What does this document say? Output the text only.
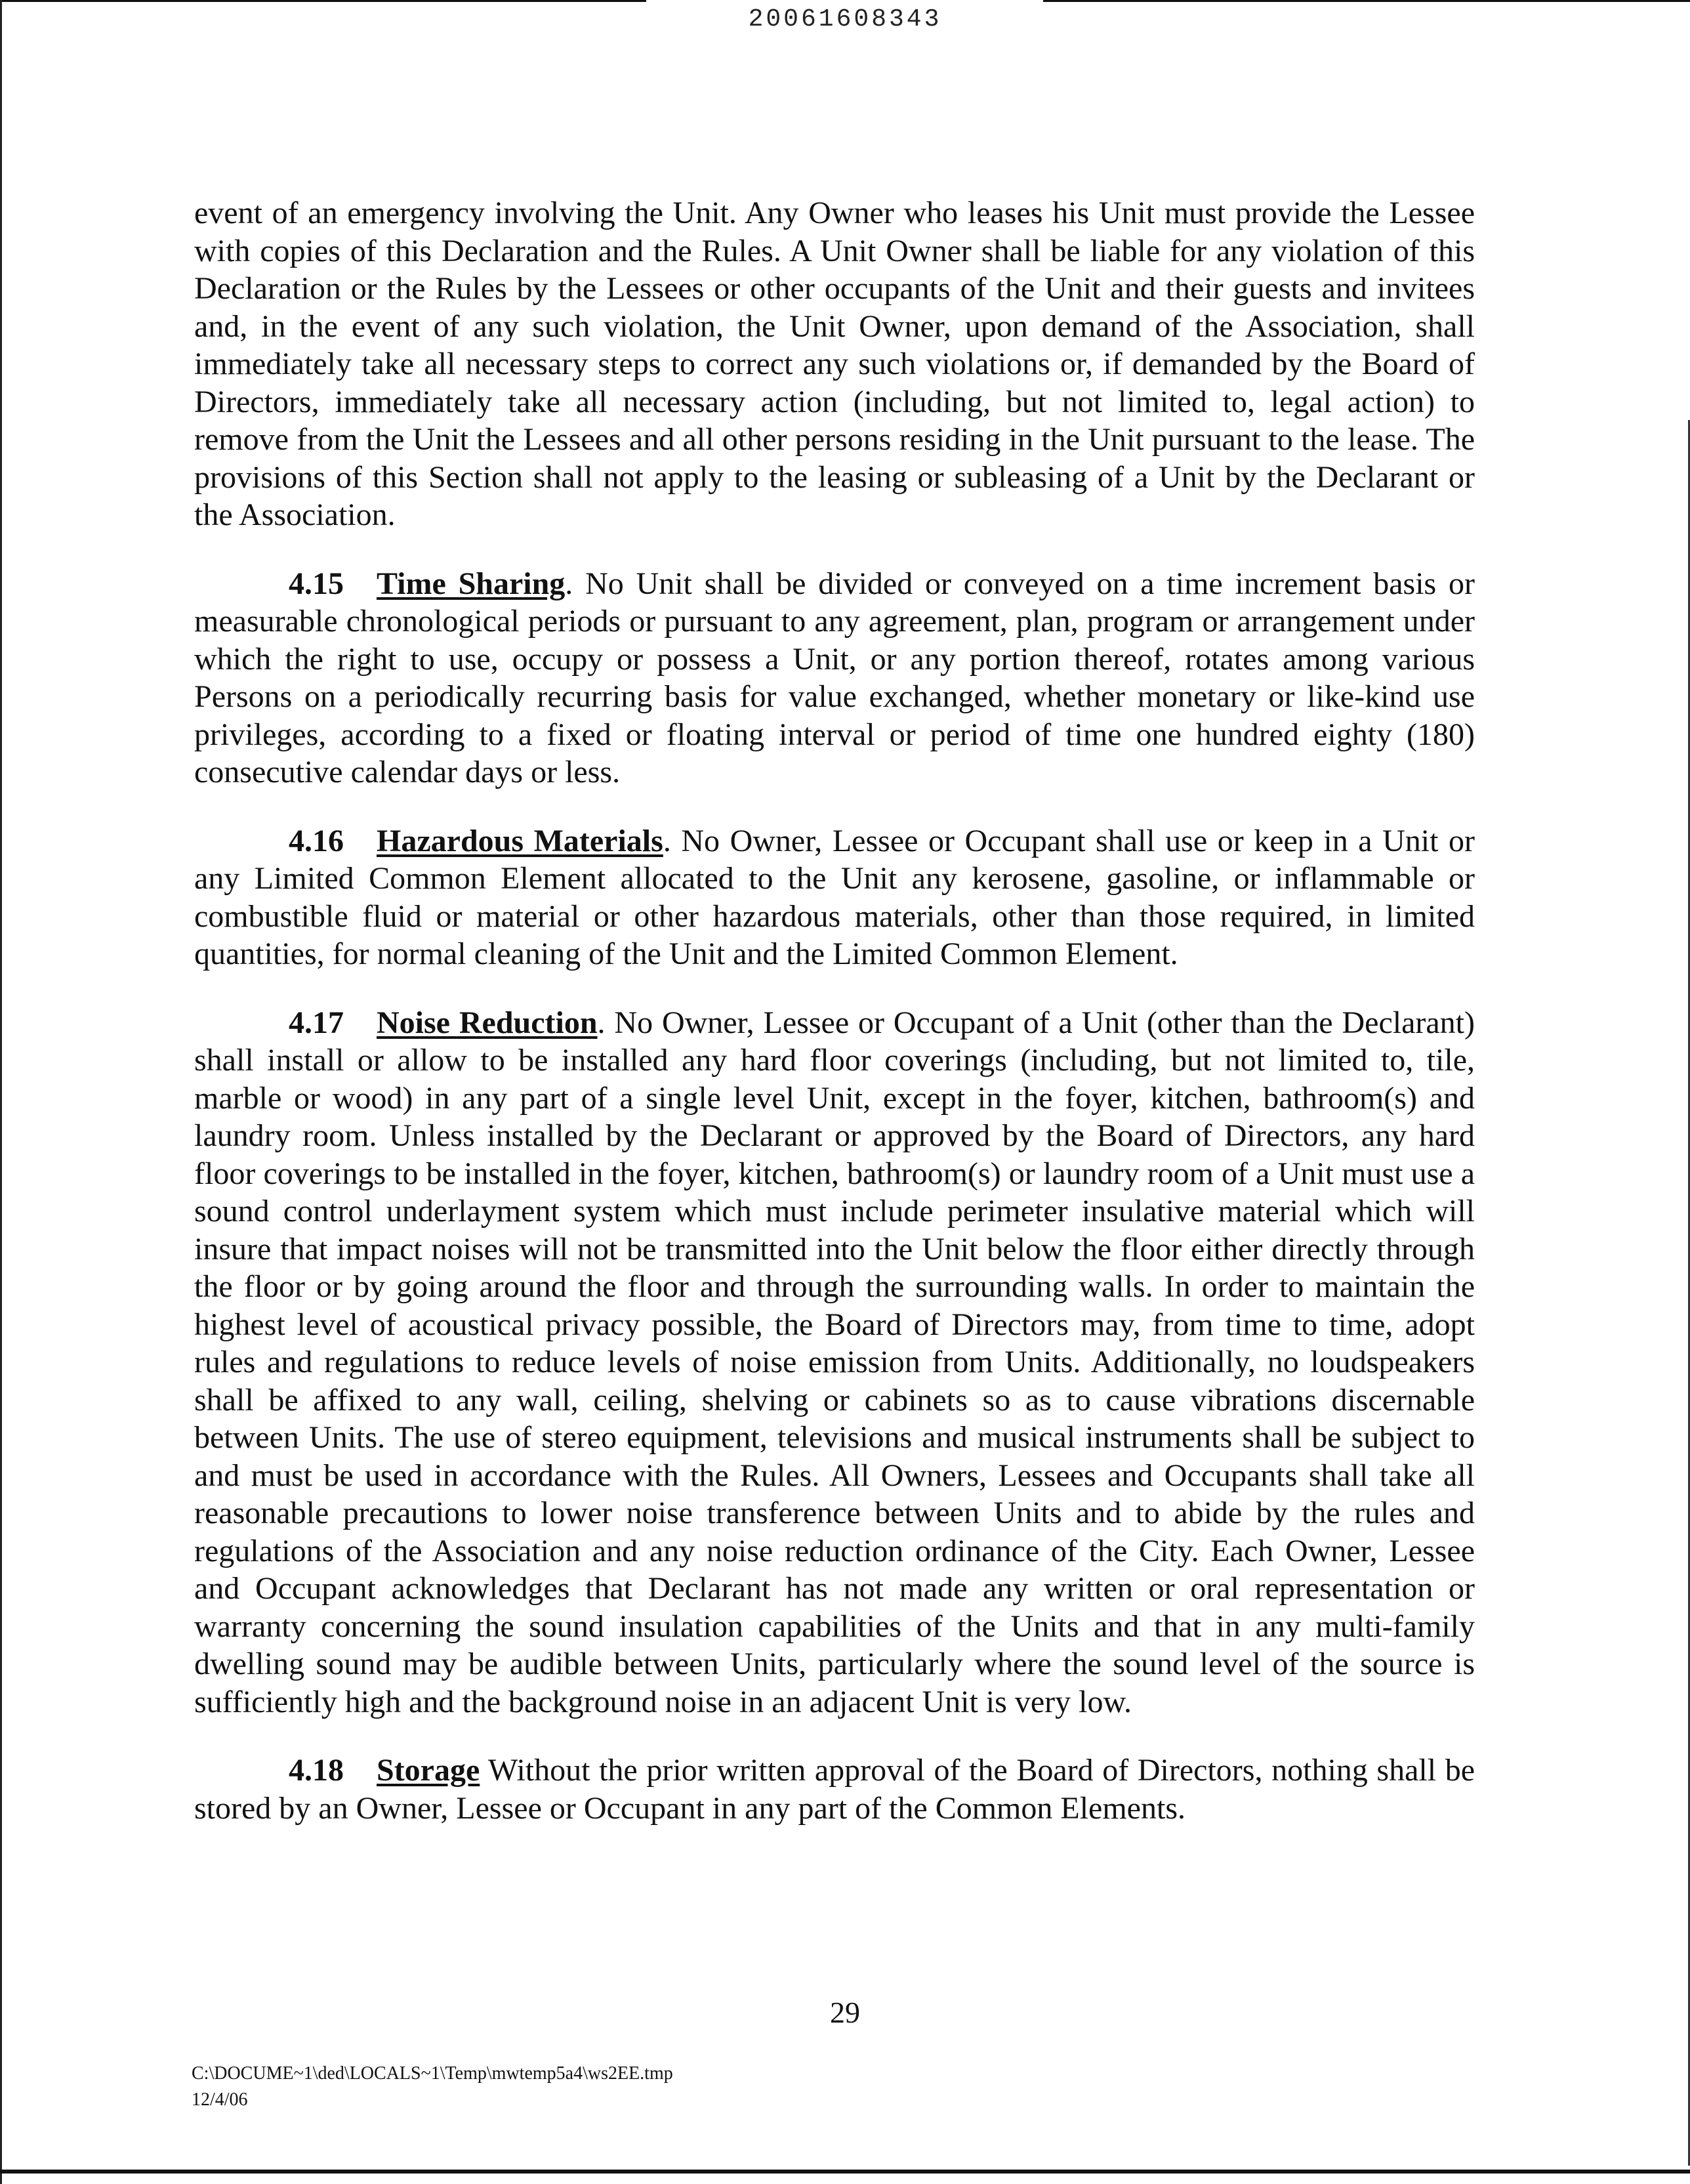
20061608343

event of an emergency involving the Unit. Any Owner who leases his Unit must provide the Lessee with copies of this Declaration and the Rules. A Unit Owner shall be liable for any violation of this Declaration or the Rules by the Lessees or other occupants of the Unit and their guests and invitees and, in the event of any such violation, the Unit Owner, upon demand of the Association, shall immediately take all necessary steps to correct any such violations or, if demanded by the Board of Directors, immediately take all necessary action (including, but not limited to, legal action) to remove from the Unit the Lessees and all other persons residing in the Unit pursuant to the lease. The provisions of this Section shall not apply to the leasing or subleasing of a Unit by the Declarant or the Association.

4.15 Time Sharing. No Unit shall be divided or conveyed on a time increment basis or measurable chronological periods or pursuant to any agreement, plan, program or arrangement under which the right to use, occupy or possess a Unit, or any portion thereof, rotates among various Persons on a periodically recurring basis for value exchanged, whether monetary or like-kind use privileges, according to a fixed or floating interval or period of time one hundred eighty (180) consecutive calendar days or less.

4.16 Hazardous Materials. No Owner, Lessee or Occupant shall use or keep in a Unit or any Limited Common Element allocated to the Unit any kerosene, gasoline, or inflammable or combustible fluid or material or other hazardous materials, other than those required, in limited quantities, for normal cleaning of the Unit and the Limited Common Element.

4.17 Noise Reduction. No Owner, Lessee or Occupant of a Unit (other than the Declarant) shall install or allow to be installed any hard floor coverings (including, but not limited to, tile, marble or wood) in any part of a single level Unit, except in the foyer, kitchen, bathroom(s) and laundry room. Unless installed by the Declarant or approved by the Board of Directors, any hard floor coverings to be installed in the foyer, kitchen, bathroom(s) or laundry room of a Unit must use a sound control underlayment system which must include perimeter insulative material which will insure that impact noises will not be transmitted into the Unit below the floor either directly through the floor or by going around the floor and through the surrounding walls. In order to maintain the highest level of acoustical privacy possible, the Board of Directors may, from time to time, adopt rules and regulations to reduce levels of noise emission from Units. Additionally, no loudspeakers shall be affixed to any wall, ceiling, shelving or cabinets so as to cause vibrations discernable between Units. The use of stereo equipment, televisions and musical instruments shall be subject to and must be used in accordance with the Rules. All Owners, Lessees and Occupants shall take all reasonable precautions to lower noise transference between Units and to abide by the rules and regulations of the Association and any noise reduction ordinance of the City. Each Owner, Lessee and Occupant acknowledges that Declarant has not made any written or oral representation or warranty concerning the sound insulation capabilities of the Units and that in any multi-family dwelling sound may be audible between Units, particularly where the sound level of the source is sufficiently high and the background noise in an adjacent Unit is very low.

4.18 Storage Without the prior written approval of the Board of Directors, nothing shall be stored by an Owner, Lessee or Occupant in any part of the Common Elements.

29
C:\DOCUME~1\ded\LOCALS~1\Temp\mwtemp5a4\ws2EE.tmp
12/4/06
